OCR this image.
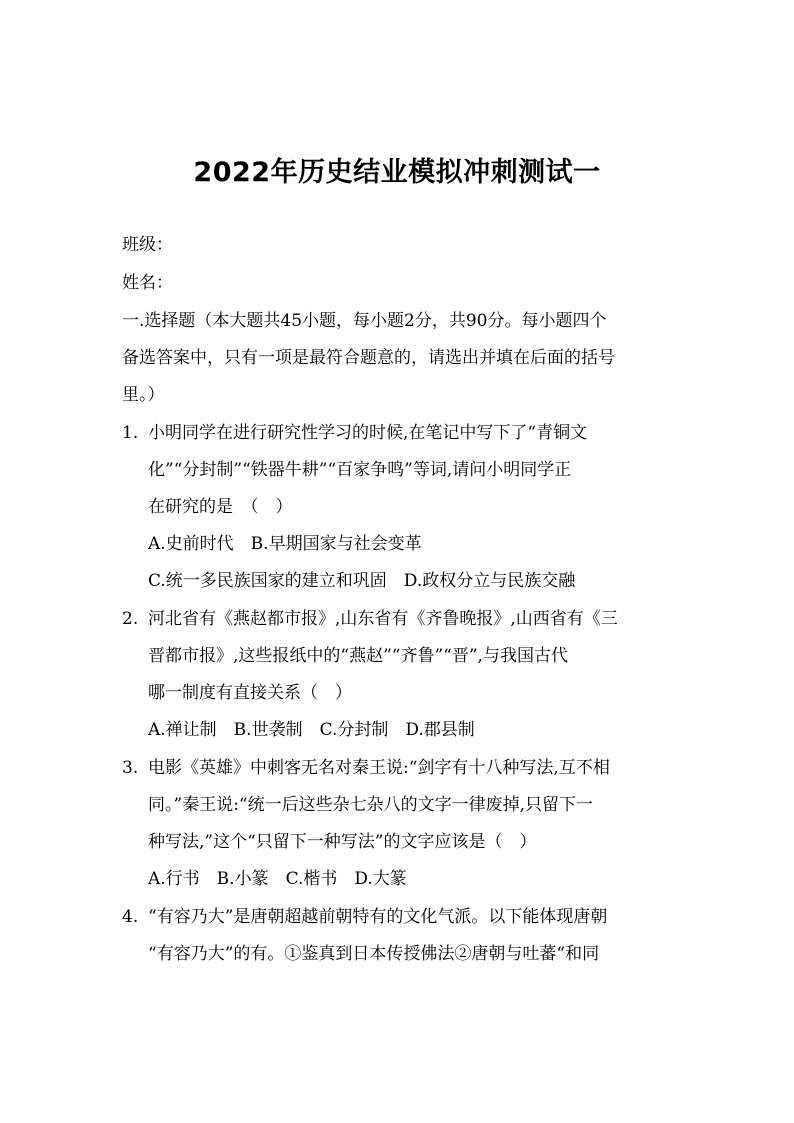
2022年历史结业模拟冲刺测试一
班级：
姓名：
一.选择题（本大题共45小题，每小题2分，共90分。每小题四个
备选答案中，只有一项是最符合题意的，请选出并填在后面的括号
里。）
1. 小明同学在进行研究性学习的时候,在笔记中写下了“青铜文
化”“分封制”“铁器牛耕”“百家争鸣”等词,请问小明同学正
在研究的是　（　）
A.史前时代　B.早期国家与社会变革
C.统一多民族国家的建立和巩固　D.政权分立与民族交融
2. 河北省有《燕赵都市报》,山东省有《齐鲁晚报》,山西省有《三
晋都市报》,这些报纸中的“燕赵”“齐鲁”“晋”,与我国古代
哪一制度有直接关系（　）
A.禅让制　B.世袭制　C.分封制　D.郡县制
3. 电影《英雄》中刺客无名对秦王说:“剑字有十八种写法,互不相
同。”秦王说:“统一后这些杂七杂八的文字一律废掉,只留下一
种写法,”这个“只留下一种写法”的文字应该是（　）
A.行书　B.小篆　C.楷书　D.大篆
4. “有容乃大”是唐朝超越前朝特有的文化气派。以下能体现唐朝
“有容乃大”的有。①鉴真到日本传授佛法②唐朝与吐蕃“和同
